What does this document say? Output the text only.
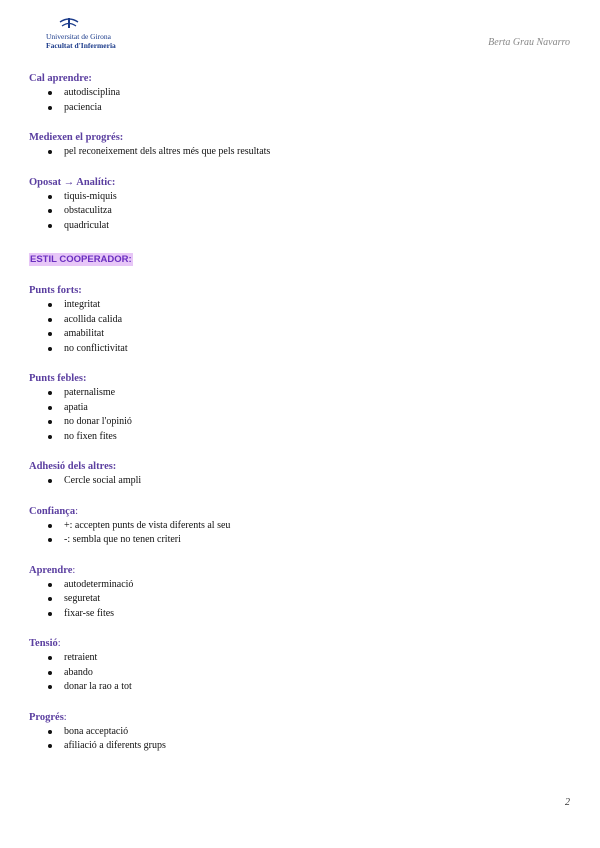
Universitat de Girona
Facultat d'Infermeria	Berta Grau Navarro
Cal aprendre:
autodisciplina
paciencia
Mediexen el progrés:
pel reconeixement dels altres més que pels resultats
Oposat → Analític:
tiquis-miquis
obstaculitza
quadriculat
ESTIL COOPERADOR:
Punts forts:
integritat
acollida calida
amabilitat
no conflictivitat
Punts febles:
paternalisme
apatia
no donar l'opinió
no fixen fites
Adhesió dels altres:
Cercle social ampli
Confiança:
+: accepten punts de vista diferents al seu
-: sembla que no tenen criteri
Aprendre:
autodeterminació
seguretat
fixar-se fites
Tensió:
retraient
abando
donar la rao a tot
Progrés:
bona acceptació
afiliació a diferents grups
2
